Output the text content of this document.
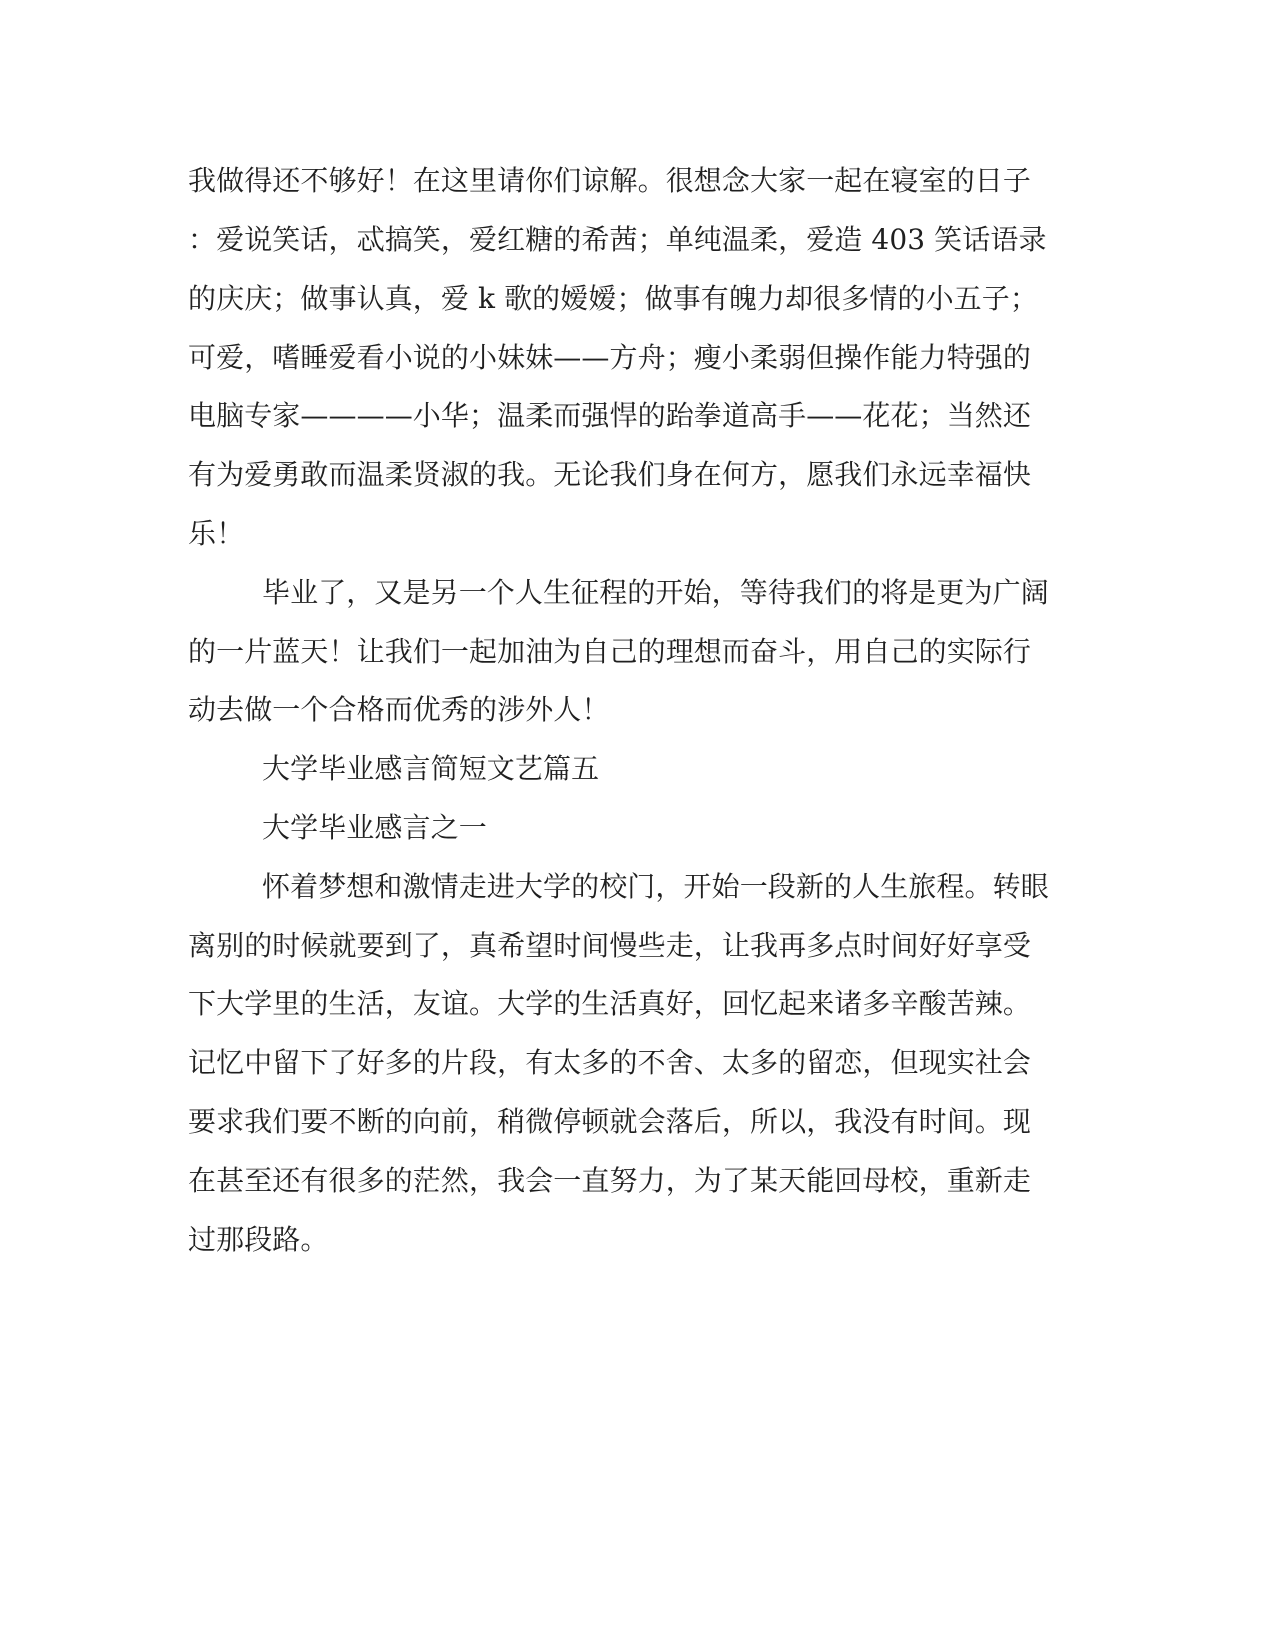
我做得还不够好！在这里请你们谅解。很想念大家一起在寝室的日子
：爱说笑话，忒搞笑，爱红糖的希茜；单纯温柔，爱造 403 笑话语录
的庆庆；做事认真，爱 k 歌的嫒嫒；做事有魄力却很多情的小五子；
可爱，嗜睡爱看小说的小妹妹——方舟；瘦小柔弱但操作能力特强的
电脑专家————小华；温柔而强悍的跆拳道高手——花花；当然还
有为爱勇敢而温柔贤淑的我。无论我们身在何方，愿我们永远幸福快
乐！
毕业了，又是另一个人生征程的开始，等待我们的将是更为广阔
的一片蓝天！让我们一起加油为自己的理想而奋斗，用自己的实际行
动去做一个合格而优秀的涉外人！
大学毕业感言简短文艺篇五
大学毕业感言之一
怀着梦想和激情走进大学的校门，开始一段新的人生旅程。转眼
离别的时候就要到了，真希望时间慢些走，让我再多点时间好好享受
下大学里的生活，友谊。大学的生活真好，回忆起来诸多辛酸苦辣。
记忆中留下了好多的片段，有太多的不舍、太多的留恋，但现实社会
要求我们要不断的向前，稍微停顿就会落后，所以，我没有时间。现
在甚至还有很多的茫然，我会一直努力，为了某天能回母校，重新走
过那段路。
